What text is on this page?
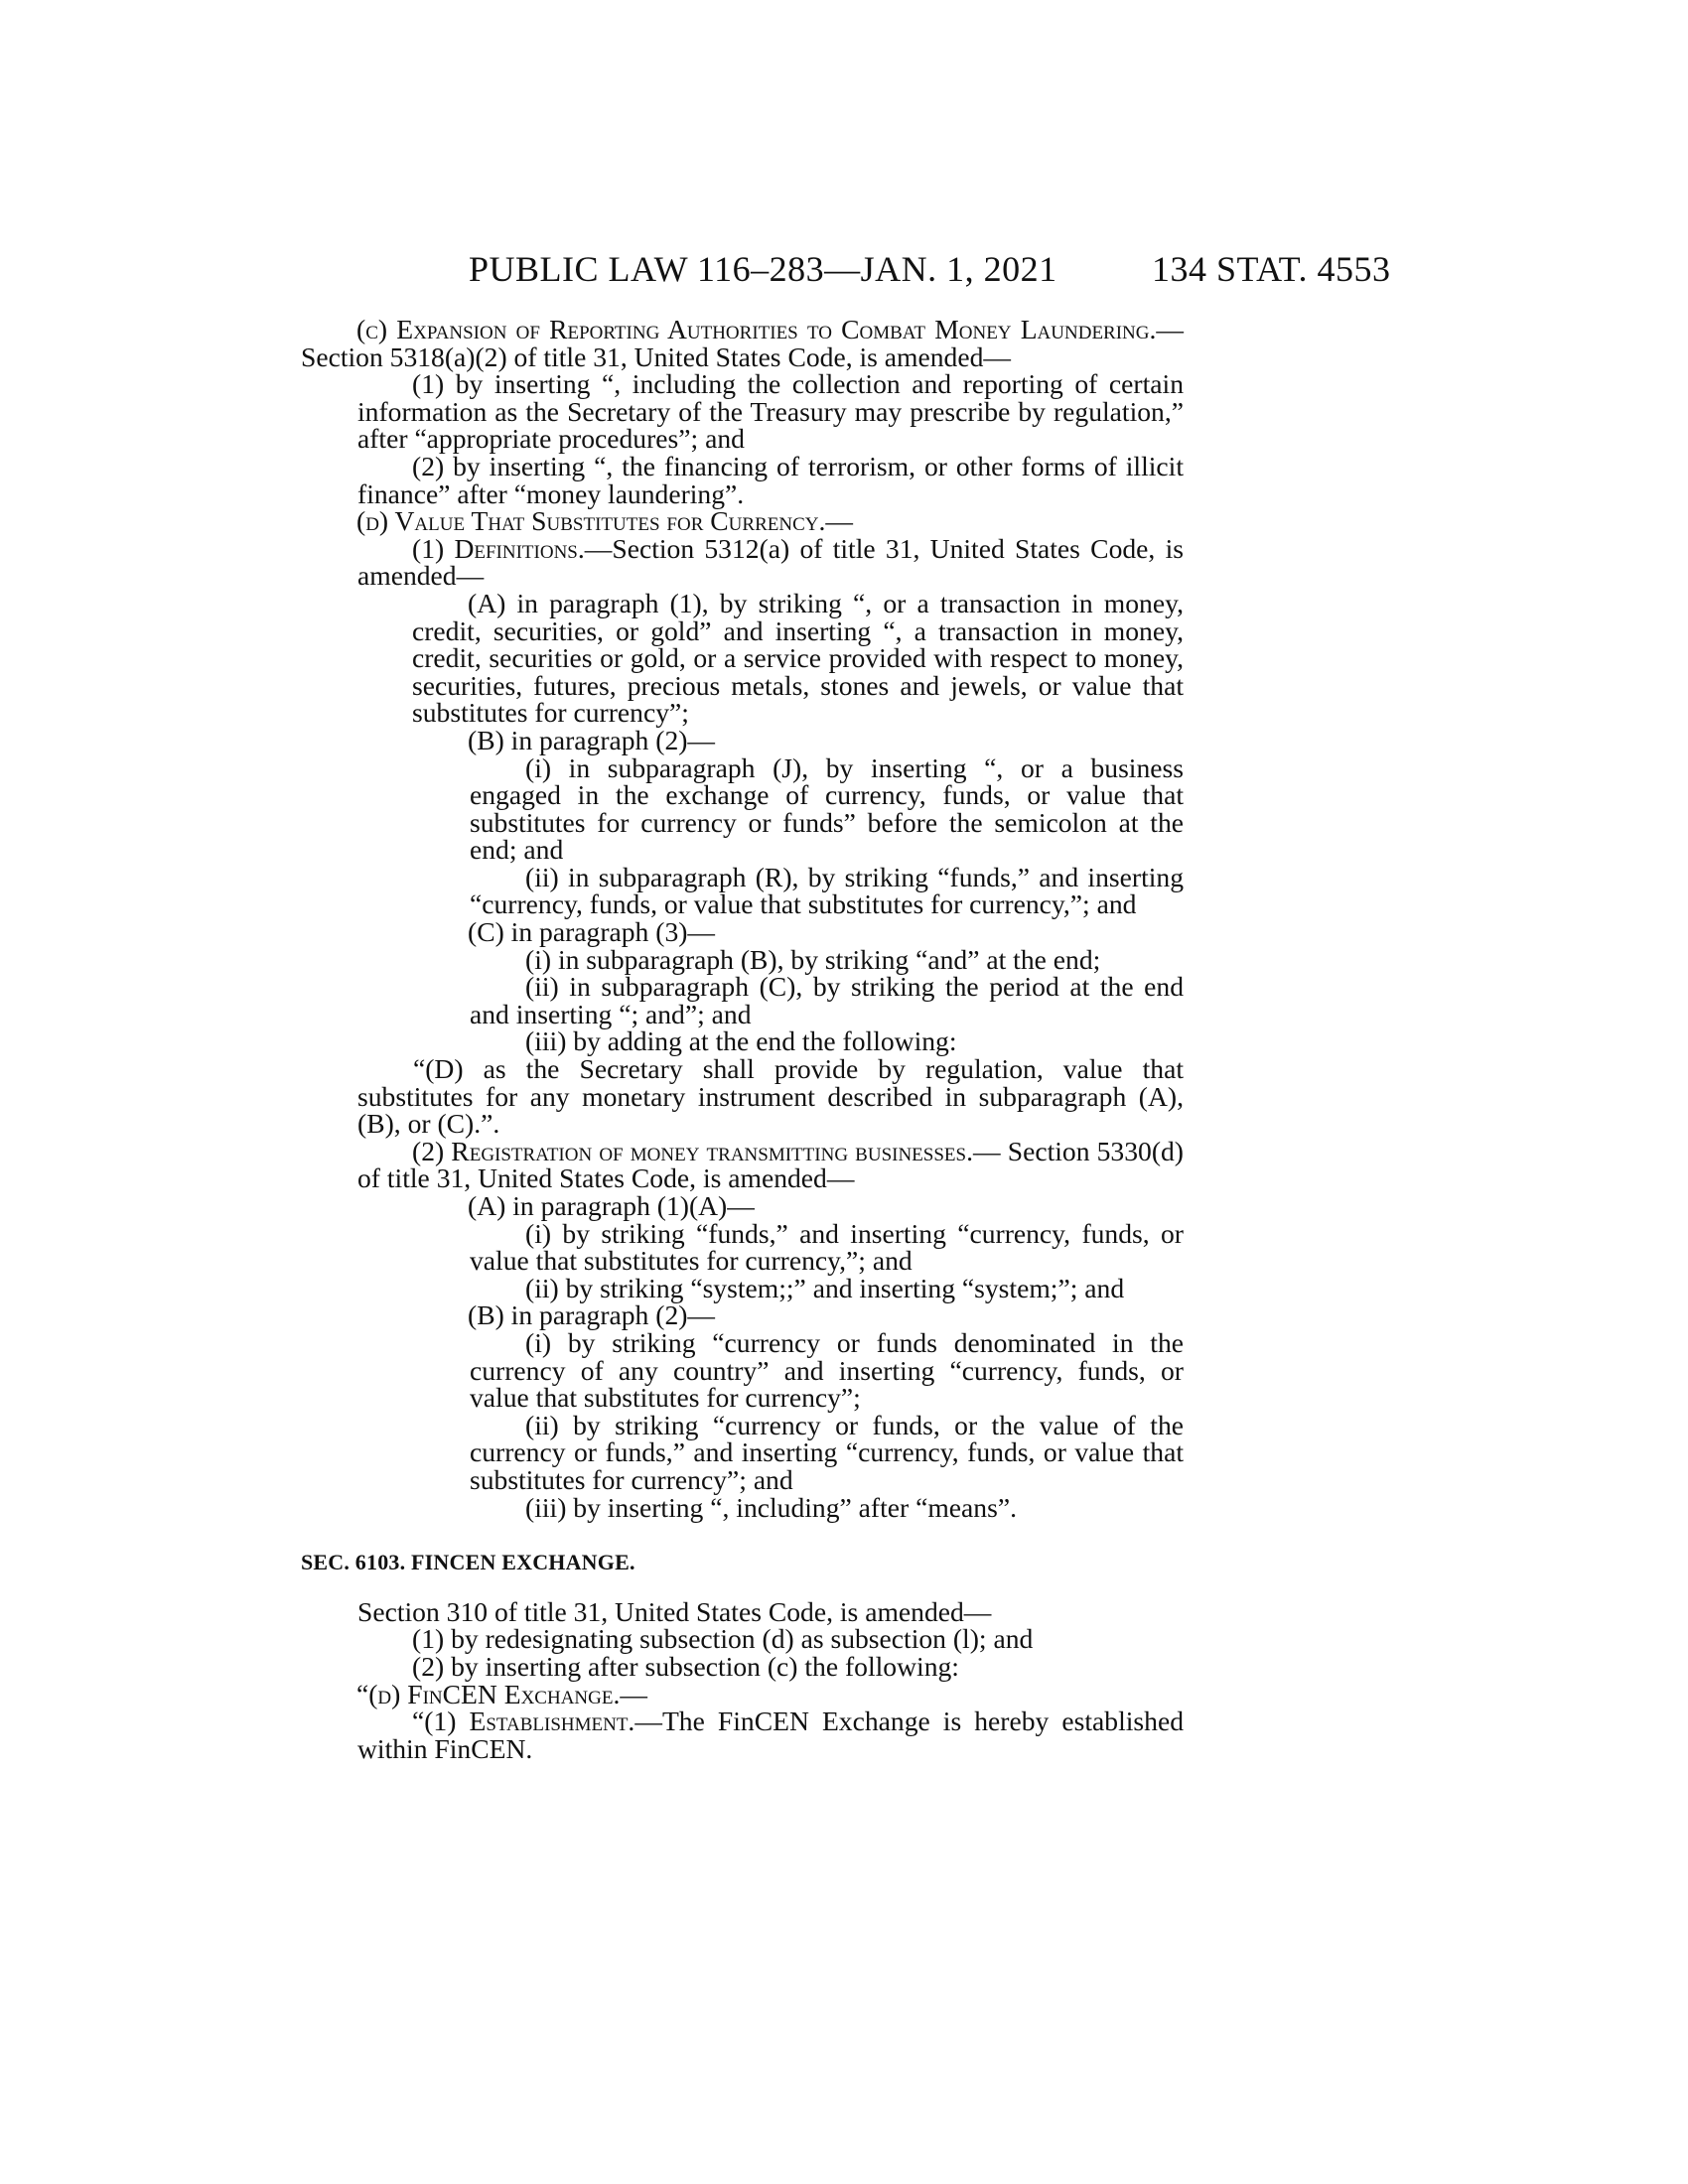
PUBLIC LAW 116–283—JAN. 1, 2021	134 STAT. 4553

(c) Expansion of Reporting Authorities to Combat Money Laundering.—Section 5318(a)(2) of title 31, United States Code, is amended—

(1) by inserting “, including the collection and reporting of certain information as the Secretary of the Treasury may prescribe by regulation,” after “appropriate procedures”; and

(2) by inserting “, the financing of terrorism, or other forms of illicit finance” after “money laundering”.

(d) Value That Substitutes for Currency.—

(1) Definitions.—Section 5312(a) of title 31, United States Code, is amended—

(A) in paragraph (1), by striking “, or a transaction in money, credit, securities, or gold” and inserting “, a transaction in money, credit, securities or gold, or a service provided with respect to money, securities, futures, precious metals, stones and jewels, or value that substitutes for currency”;

(B) in paragraph (2)—

(i) in subparagraph (J), by inserting “, or a business engaged in the exchange of currency, funds, or value that substitutes for currency or funds” before the semicolon at the end; and

(ii) in subparagraph (R), by striking “funds,” and inserting “currency, funds, or value that substitutes for currency,”; and

(C) in paragraph (3)—

(i) in subparagraph (B), by striking “and” at the end;

(ii) in subparagraph (C), by striking the period at the end and inserting “; and”; and

(iii) by adding at the end the following:

“(D) as the Secretary shall provide by regulation, value that substitutes for any monetary instrument described in subparagraph (A), (B), or (C).”.

(2) Registration of money transmitting businesses.— Section 5330(d) of title 31, United States Code, is amended—

(A) in paragraph (1)(A)—

(i) by striking “funds,” and inserting “currency, funds, or value that substitutes for currency,”; and

(ii) by striking “system;;” and inserting “system;”; and

(B) in paragraph (2)—

(i) by striking “currency or funds denominated in the currency of any country” and inserting “currency, funds, or value that substitutes for currency”;

(ii) by striking “currency or funds, or the value of the currency or funds,” and inserting “currency, funds, or value that substitutes for currency”; and

(iii) by inserting “, including” after “means”.

SEC. 6103. FINCEN EXCHANGE.

Section 310 of title 31, United States Code, is amended—

(1) by redesignating subsection (d) as subsection (l); and

(2) by inserting after subsection (c) the following:

“(d) FinCEN Exchange.—

“(1) Establishment.—The FinCEN Exchange is hereby established within FinCEN.
